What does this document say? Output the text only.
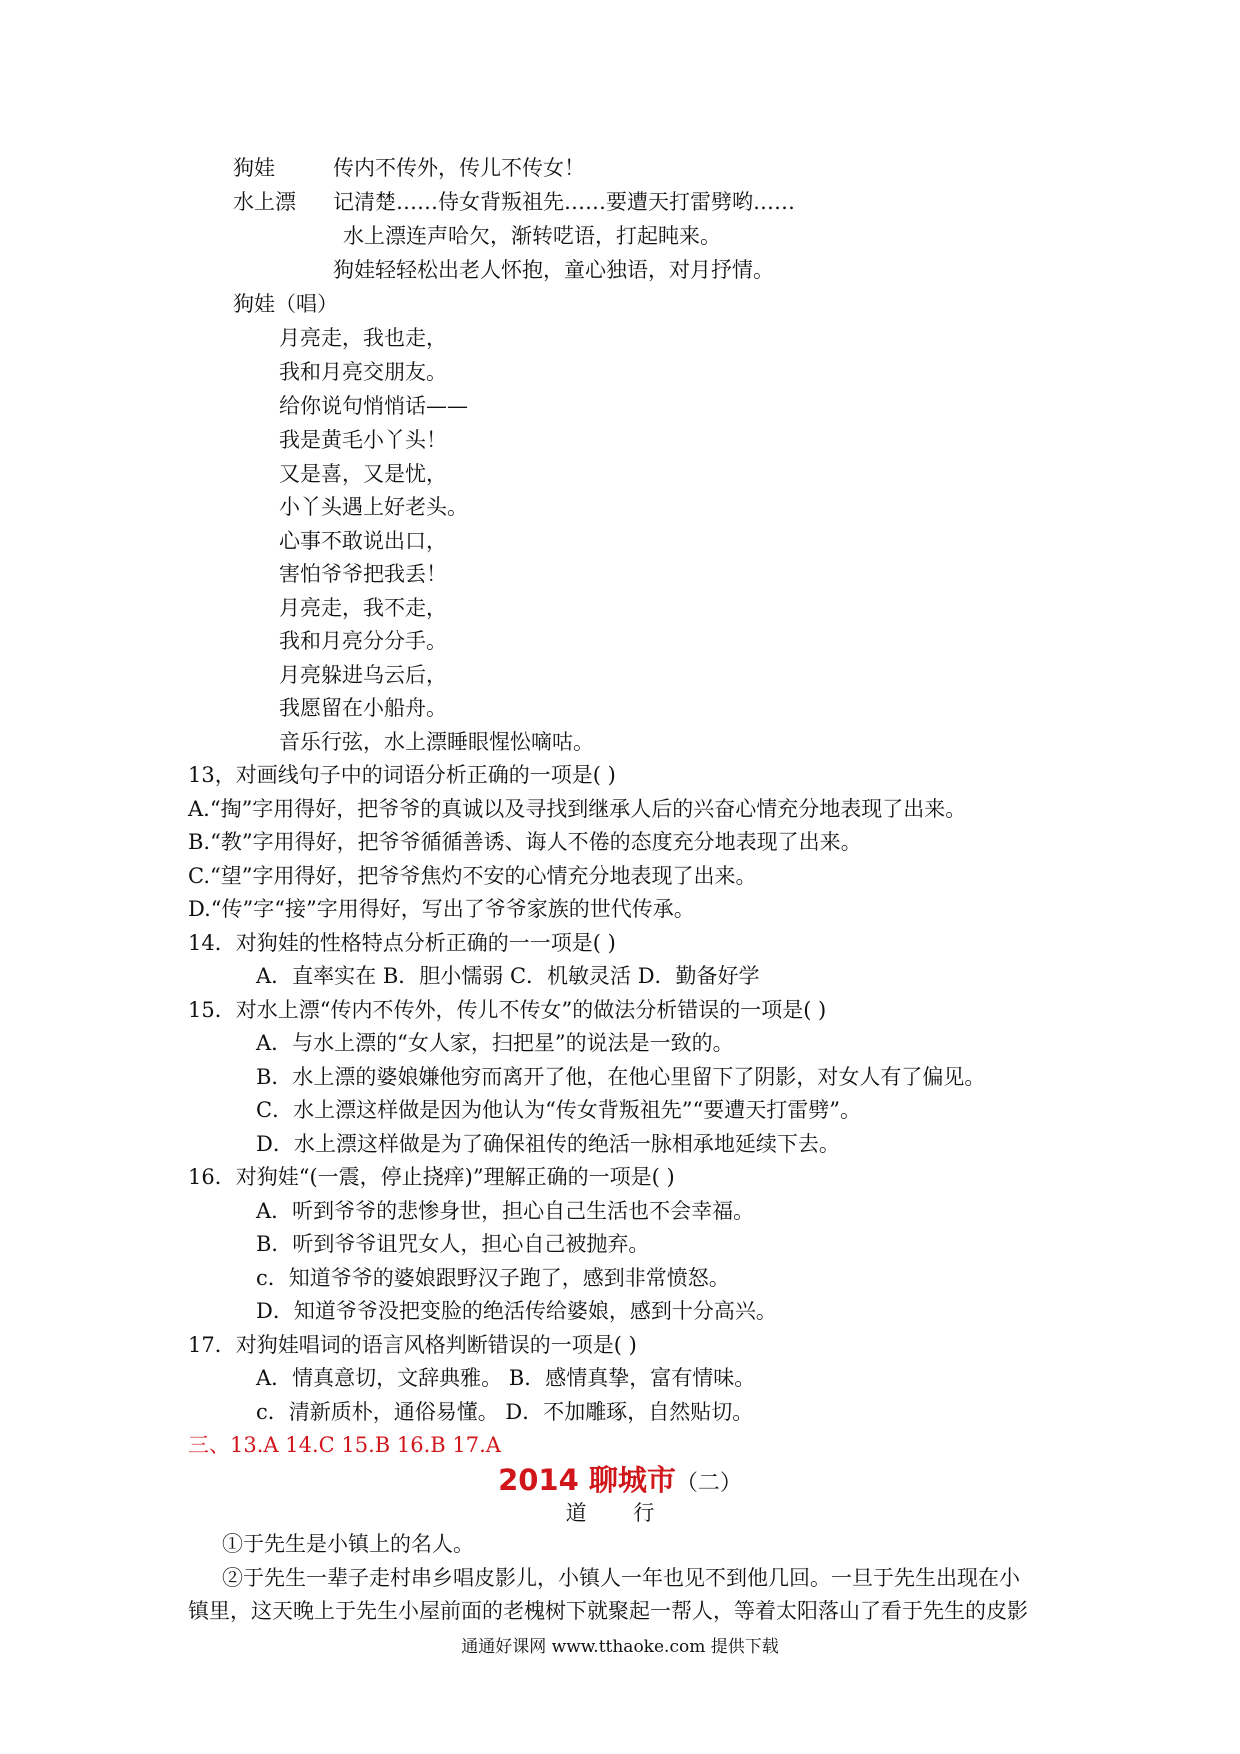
狗娃	传内不传外，传儿不传女！
水上漂 记清楚……侍女背叛祖先……要遭天打雷劈哟……
水上漂连声哈欠，渐转呓语，打起盹来。
狗娃轻轻松出老人怀抱，童心独语，对月抒情。
狗娃（唱）
月亮走，我也走，
我和月亮交朋友。
给你说句悄悄话——
我是黄毛小丫头！
又是喜，又是忧，
小丫头遇上好老头。
心事不敢说出口，
害怕爷爷把我丢！
月亮走，我不走，
我和月亮分分手。
月亮躲进乌云后，
我愿留在小船舟。
音乐行弦，水上漂睡眼惺忪嘀咕。
13，对画线句子中的词语分析正确的一项是( )
A.“掏”字用得好，把爷爷的真诚以及寻找到继承人后的兴奋心情充分地表现了出来。
B.“教”字用得好，把爷爷循循善诱、诲人不倦的态度充分地表现了出来。
C.“望”字用得好，把爷爷焦灼不安的心情充分地表现了出来。
D.“传”字“接”字用得好，写出了爷爷家族的世代传承。
14．对狗娃的性格特点分析正确的一一项是( )
A．直率实在 B．胆小懦弱 C．机敏灵活 D．勤备好学
15．对水上漂“传内不传外，传儿不传女”的做法分析错误的一项是( )
A．与水上漂的“女人家，扫把星”的说法是一致的。
B．水上漂的婆娘嫌他穷而离开了他，在他心里留下了阴影，对女人有了偏见。
C．水上漂这样做是因为他认为“传女背叛祖先”“要遭天打雷劈”。
D．水上漂这样做是为了确保祖传的绝活一脉相承地延续下去。
16．对狗娃“(一震，停止挠痒)”理解正确的一项是( )
A．听到爷爷的悲惨身世，担心自己生活也不会幸福。
B．听到爷爷诅咒女人，担心自己被抛弃。
c．知道爷爷的婆娘跟野汉子跑了，感到非常愤怒。
D．知道爷爷没把变脸的绝活传给婆娘，感到十分高兴。
17．对狗娃唱词的语言风格判断错误的一项是( )
A．情真意切，文辞典雅。 B．感情真挚，富有情味。
c．清新质朴，通俗易懂。 D．不加雕琢，自然贴切。
三、13.A 14.C 15.B 16.B 17.A
2014 聊城市（二）
道 行
①于先生是小镇上的名人。
②于先生一辈子走村串乡唱皮影儿，小镇人一年也见不到他几回。一旦于先生出现在小
镇里，这天晚上于先生小屋前面的老槐树下就聚起一帮人，等着太阳落山了看于先生的皮影
通通好课网 www.tthaoke.com 提供下载
